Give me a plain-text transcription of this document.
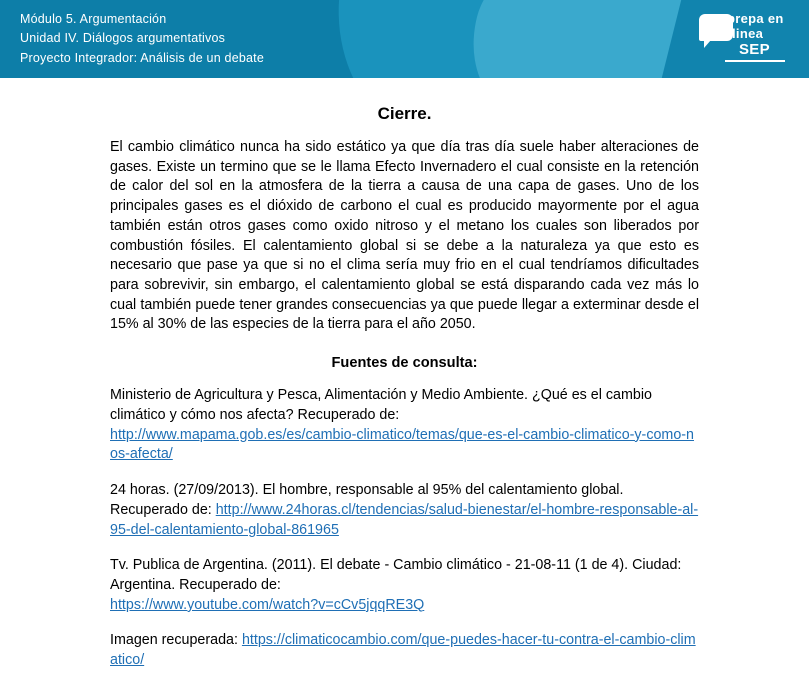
Módulo 5. Argumentación
Unidad IV. Diálogos argumentativos
Proyecto Integrador: Análisis de un debate
prepa en
linea
SEP
Cierre.

El cambio climático nunca ha sido estático ya que día tras día suele haber alteraciones de gases. Existe un termino que se le llama Efecto Invernadero el cual consiste en la retención de calor del sol en la atmosfera de la tierra a causa de una capa de gases. Uno de los principales gases es el dióxido de carbono el cual es producido mayormente por el agua también están otros gases como oxido nitroso y el metano los cuales son liberados por combustión fósiles. El calentamiento global si se debe a la naturaleza ya que esto es necesario que pase ya que si no el clima sería muy frio en el cual tendríamos dificultades para sobrevivir, sin embargo, el calentamiento global se está disparando cada vez más lo cual también puede tener grandes consecuencias ya que puede llegar a exterminar desde el 15% al 30% de las especies de la tierra para el año 2050.

Fuentes de consulta:

Ministerio de Agricultura y Pesca, Alimentación y Medio Ambiente. ¿Qué es el cambio climático y cómo nos afecta? Recuperado de:
http://www.mapama.gob.es/es/cambio-climatico/temas/que-es-el-cambio-climatico-y-como-nos-afecta/

24 horas. (27/09/2013). El hombre, responsable al 95% del calentamiento global. Recuperado de: http://www.24horas.cl/tendencias/salud-bienestar/el-hombre-responsable-al-95-del-calentamiento-global-861965

Tv. Publica de Argentina. (2011). El debate - Cambio climático - 21-08-11 (1 de 4). Ciudad: Argentina. Recuperado de:
https://www.youtube.com/watch?v=cCv5jqqRE3Q

Imagen recuperada: https://climaticocambio.com/que-puedes-hacer-tu-contra-el-cambio-climatico/
